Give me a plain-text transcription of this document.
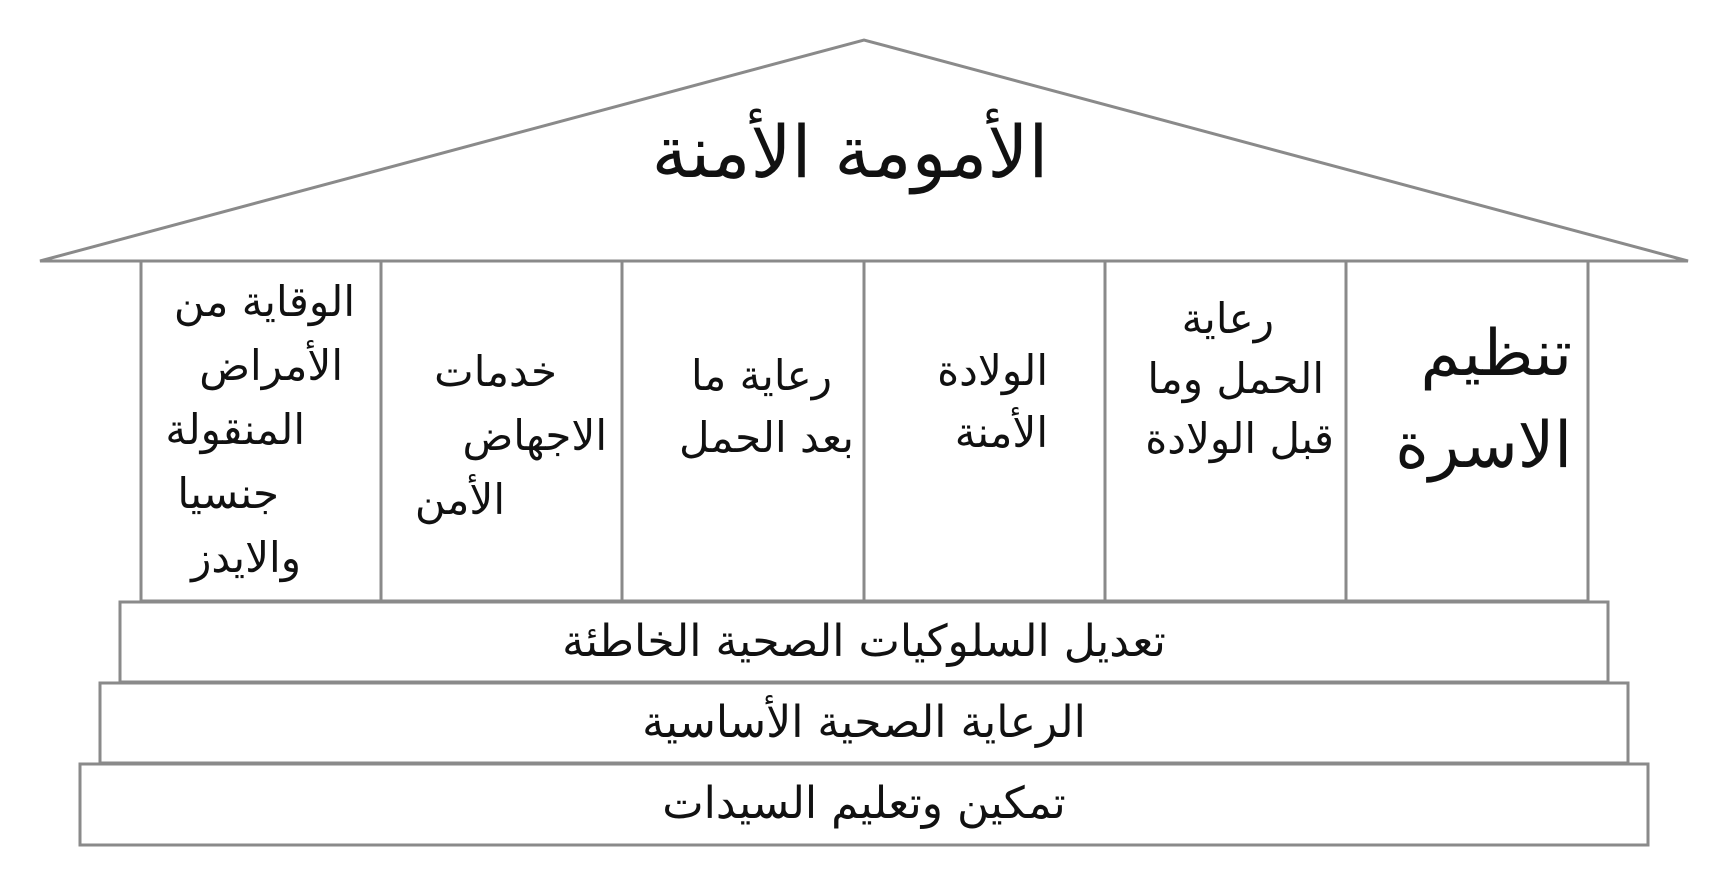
الأمومة الأمنة
تنظيم
الاسرة
رعاية
الحمل وما
قبل الولادة
الولادة
الأمنة
رعاية ما
بعد الحمل
خدمات
الاجهاض
الأمن
الوقاية من
الأمراض
المنقولة
جنسيا
والايدز
تعديل السلوكيات الصحية الخاطئة
الرعاية الصحية الأساسية
تمكين وتعليم السيدات
